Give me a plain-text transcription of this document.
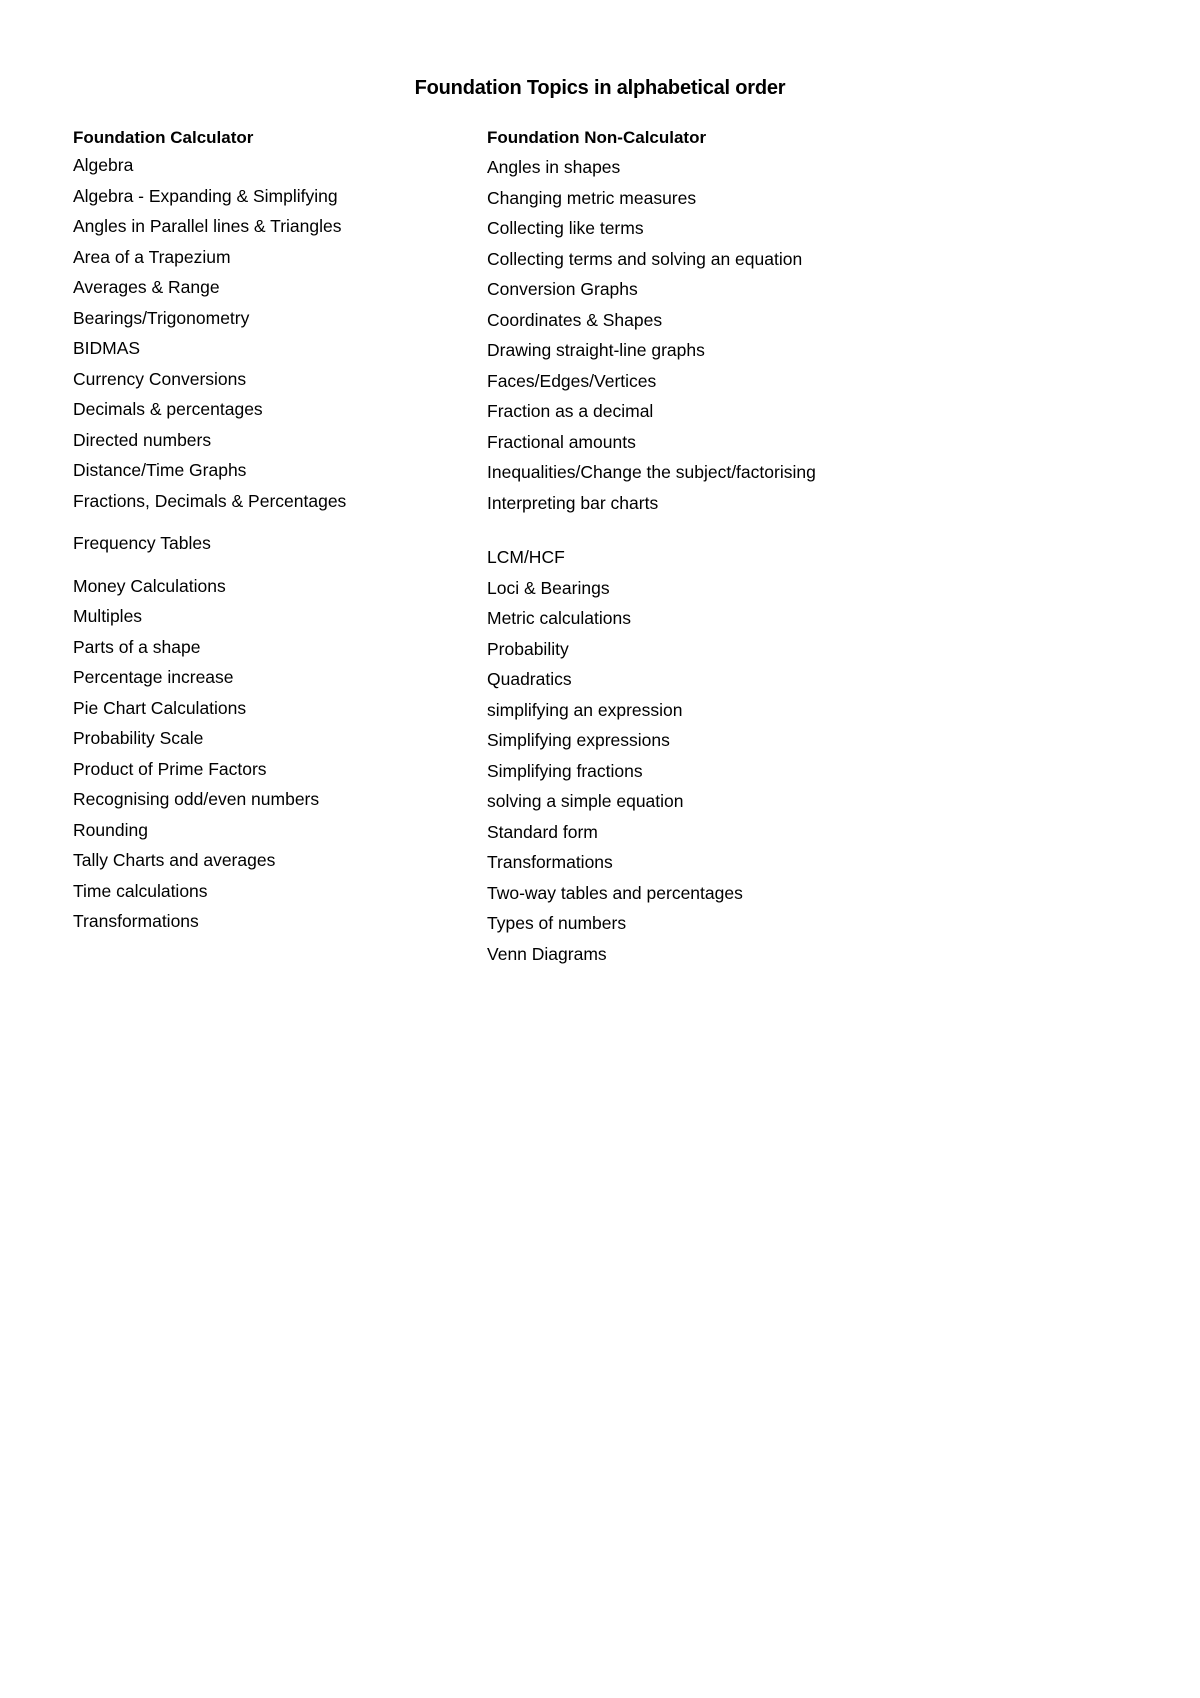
Foundation Topics in alphabetical order
Foundation Calculator
Algebra
Algebra - Expanding & Simplifying
Angles in Parallel lines & Triangles
Area of a Trapezium
Averages & Range
Bearings/Trigonometry
BIDMAS
Currency Conversions
Decimals & percentages
Directed numbers
Distance/Time Graphs
Fractions, Decimals & Percentages
Frequency Tables
Money Calculations
Multiples
Parts of a shape
Percentage increase
Pie Chart Calculations
Probability Scale
Product of Prime Factors
Recognising odd/even numbers
Rounding
Tally Charts and averages
Time calculations
Transformations
Foundation Non-Calculator
Angles in shapes
Changing metric measures
Collecting like terms
Collecting terms and solving an equation
Conversion Graphs
Coordinates & Shapes
Drawing straight-line graphs
Faces/Edges/Vertices
Fraction as a decimal
Fractional amounts
Inequalities/Change the subject/factorising
Interpreting bar charts
LCM/HCF
Loci & Bearings
Metric calculations
Probability
Quadratics
simplifying an expression
Simplifying expressions
Simplifying fractions
solving a simple equation
Standard form
Transformations
Two-way tables and percentages
Types of numbers
Venn Diagrams
